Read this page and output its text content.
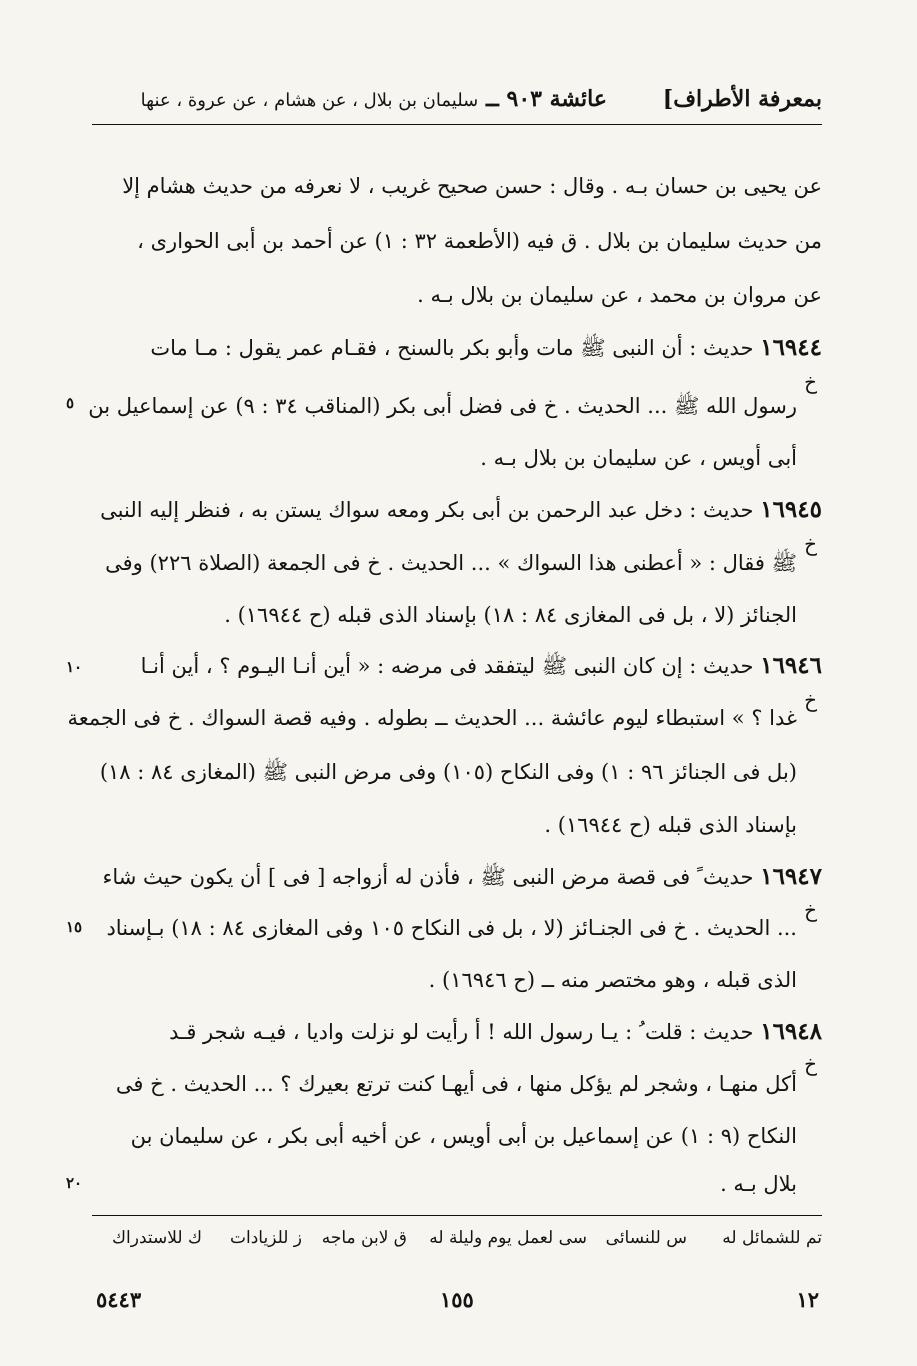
بمعرفة الأطراف]
عائشة ٩٠٣ ــ سليمان بن بلال ، عن هشام ، عن عروة ، عنها
عن يحيى بن حسان بـه . وقال : حسن صحيح غريب ، لا نعرفه من حديث هشام إلا
من حديث سليمان بن بلال . ق فيه (الأطعمة ٣٢ : ١) عن أحمد بن أبى الحوارى ،
عن مروان بن محمد ، عن سليمان بن بلال بـه .
١٦٩٤٤ حديث : أن النبى ﷺ مات وأبو بكر بالسنح ، فقـام عمر يقول : مـا مات
خ
رسول الله ﷺ ... الحديث . خ فى فضل أبى بكر (المناقب ٣٤ : ٩) عن إسماعيل بن
٥
أبى أويس ، عن سليمان بن بلال بـه .
١٦٩٤٥ حديث : دخل عبد الرحمن بن أبى بكر ومعه سواك يستن به ، فنظر إليه النبى
خ
ﷺ فقال : « أعطنى هذا السواك » ... الحديث . خ فى الجمعة (الصلاة ٢٢٦) وفى
الجنائز (لا ، بل فى المغازى ٨٤ : ١٨) بإسناد الذى قبله (ح ١٦٩٤٤) .
١٦٩٤٦ حديث : إن كان النبى ﷺ ليتفقد فى مرضه : « أين أنـا اليـوم ؟ ، أين أنـا
١٠
خ
غدا ؟ » استبطاء ليوم عائشة ... الحديث ــ بطوله . وفيه قصة السواك . خ فى الجمعة
(بل فى الجنائز ٩٦ : ١) وفى النكاح (١٠٥) وفى مرض النبى ﷺ (المغازى ٨٤ : ١٨)
بإسناد الذى قبله (ح ١٦٩٤٤) .
١٦٩٤٧ حديث ً فى قصة مرض النبى ﷺ ، فأذن له أزواجه [ فى ] أن يكون حيث شاء
خ
... الحديث . خ فى الجنـائز (لا ، بل فى النكاح ١٠٥ وفى المغازى ٨٤ : ١٨) بـإسناد
١٥
الذى قبله ، وهو مختصر منه ــ (ح ١٦٩٤٦) .
١٦٩٤٨ حديث : قلت ُ : يـا رسول الله ! أ رأيت لو نزلت واديا ، فيـه شجر قـد
خ
أكل منهـا ، وشجر لم يؤكل منها ، فى أيهـا كنت ترتع بعيرك ؟ ... الحديث . خ فى
النكاح (٩ : ١) عن إسماعيل بن أبى أويس ، عن أخيه أبى بكر ، عن سليمان بن
٢٠	بلال بـه .
تم للشمائل له
س للنسائى
سى لعمل يوم وليلة له
ق لابن ماجه
ز للزيادات
ك للاستدراك
١٢
١٥٥
٥٤٤٣
